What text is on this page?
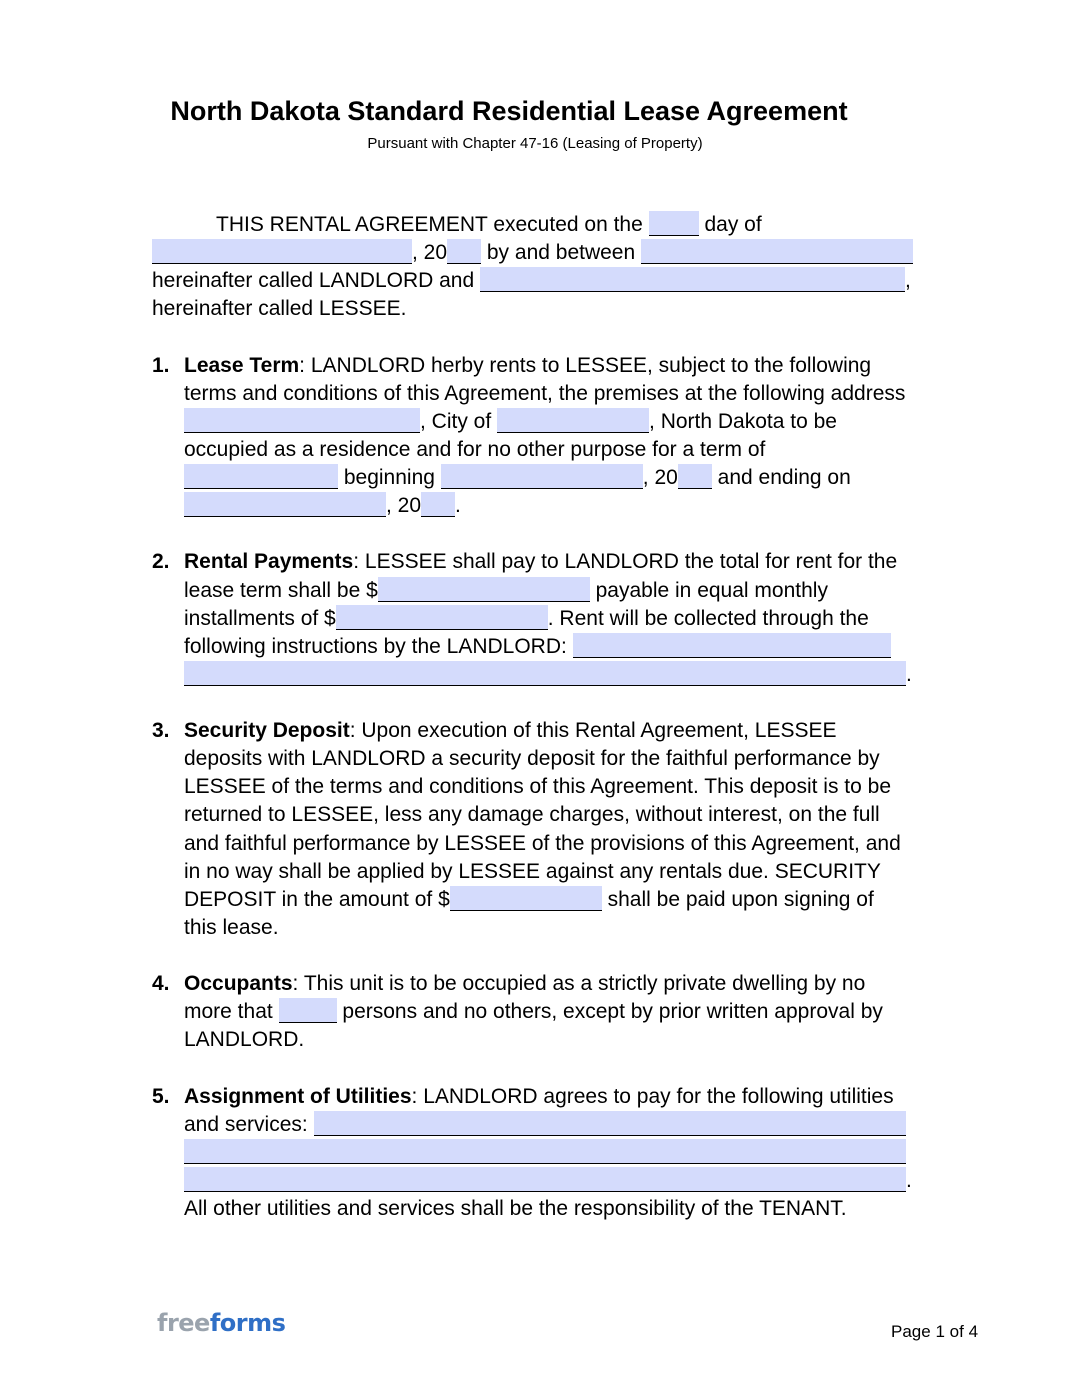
North Dakota Standard Residential Lease Agreement
Pursuant with Chapter 47-16 (Leasing of Property)
THIS RENTAL AGREEMENT executed on the	day of
, 20 by and between
hereinafter called LANDLORD and	,
hereinafter called LESSEE.
1. Lease Term: LANDLORD herby rents to LESSEE, subject to the following
terms and conditions of this Agreement, the premises at the following address
, City of	, North Dakota to be
occupied as a residence and for no other purpose for a term of
beginning	, 20 and ending on
, 20 .
2. Rental Payments: LESSEE shall pay to LANDLORD the total for rent for the
lease term shall be $	payable in equal monthly
installments of $	. Rent will be collected through the
following instructions by the LANDLORD:
.
3. Security Deposit: Upon execution of this Rental Agreement, LESSEE
deposits with LANDLORD a security deposit for the faithful performance by
LESSEE of the terms and conditions of this Agreement. This deposit is to be
returned to LESSEE, less any damage charges, without interest, on the full
and faithful performance by LESSEE of the provisions of this Agreement, and
in no way shall be applied by LESSEE against any rentals due. SECURITY
DEPOSIT in the amount of $	shall be paid upon signing of
this lease.
4. Occupants: This unit is to be occupied as a strictly private dwelling by no
more that	persons and no others, except by prior written approval by
LANDLORD.
5. Assignment of Utilities: LANDLORD agrees to pay for the following utilities
and services:
.
All other utilities and services shall be the responsibility of the TENANT.
freeforms	Page 1 of 4
